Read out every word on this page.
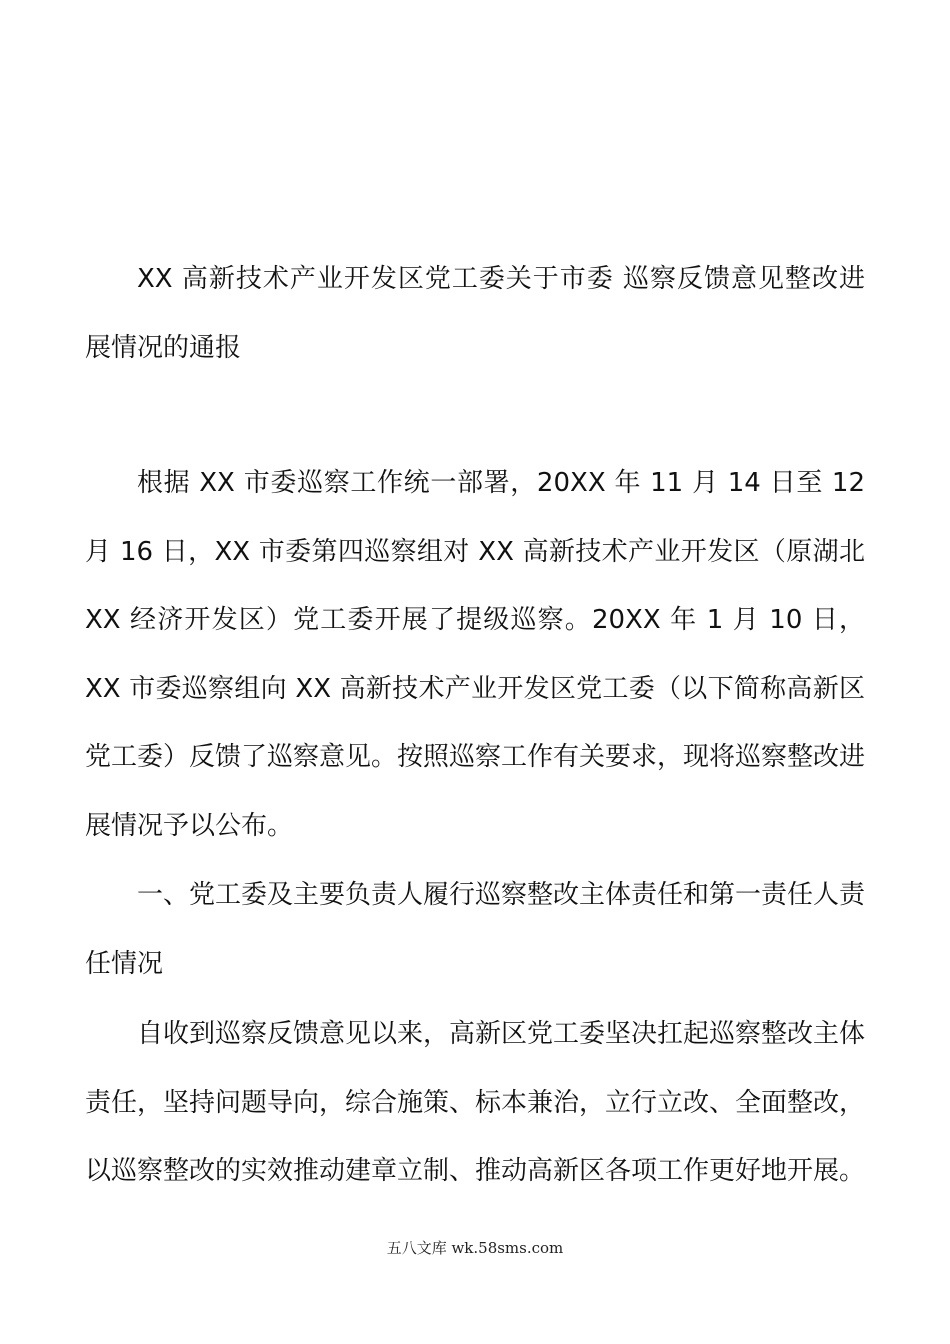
XX 高新技术产业开发区党工委关于市委 巡察反馈意见整改进展情况的通报

根据 XX 市委巡察工作统一部署，20XX 年 11 月 14 日至 12 月 16 日，XX 市委第四巡察组对 XX 高新技术产业开发区（原湖北 XX 经济开发区）党工委开展了提级巡察。20XX 年 1 月 10 日，XX 市委巡察组向 XX 高新技术产业开发区党工委（以下简称高新区党工委）反馈了巡察意见。按照巡察工作有关要求，现将巡察整改进展情况予以公布。

一、党工委及主要负责人履行巡察整改主体责任和第一责任人责任情况

自收到巡察反馈意见以来，高新区党工委坚决扛起巡察整改主体责任，坚持问题导向，综合施策、标本兼治，立行立改、全面整改，以巡察整改的实效推动建章立制、推动高新区各项工作更好地开展。

五八文库 wk.58sms.com
